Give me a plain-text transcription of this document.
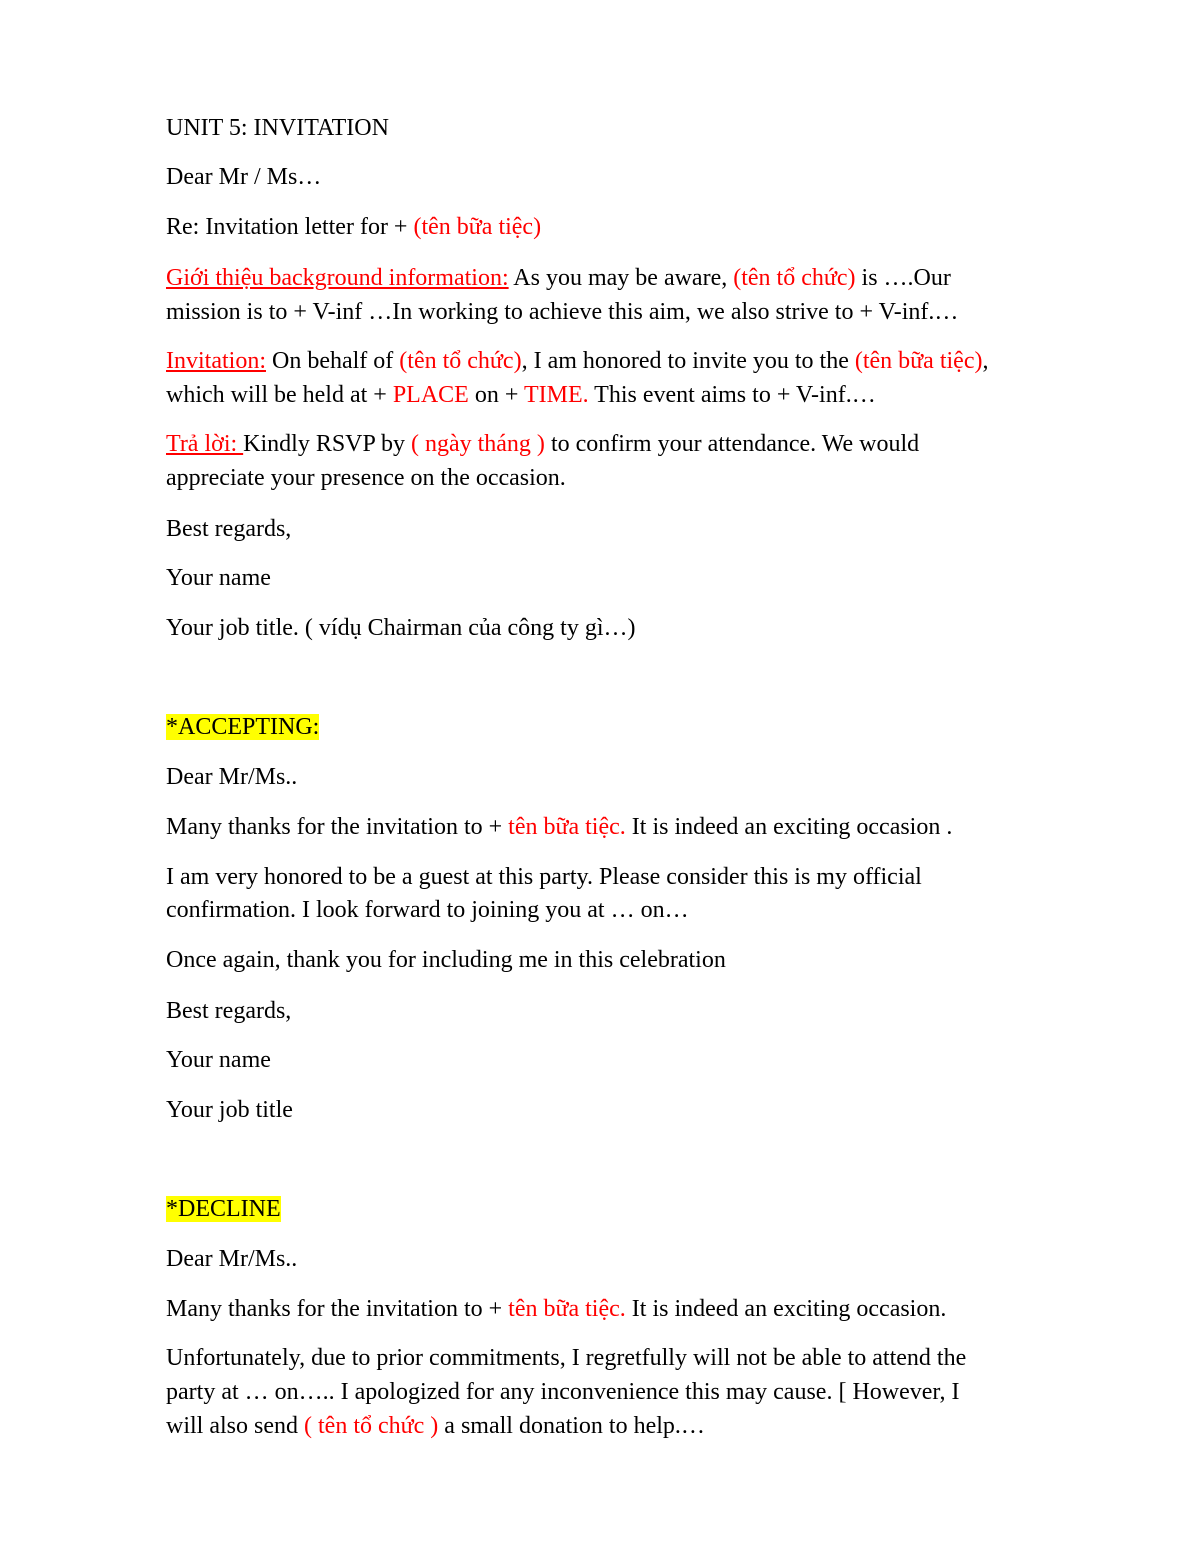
UNIT 5: INVITATION
Dear Mr / Ms…
Re: Invitation letter for + (tên bữa tiệc)
Giới thiệu background information: As you may be aware, (tên tổ chức) is ….Our
mission is to + V-inf …In working to achieve this aim, we also strive to + V-inf.…
Invitation: On behalf of (tên tổ chức), I am honored to invite you to the (tên bữa tiệc),
which will be held at + PLACE on + TIME. This event aims to + V-inf.…
Trả lời: Kindly RSVP by ( ngày tháng ) to confirm your attendance. We would
appreciate your presence on the occasion.
Best regards,
Your name
Your job title. ( vídụ Chairman của công ty gì…)
*ACCEPTING:
Dear Mr/Ms..
Many thanks for the invitation to + tên bữa tiệc. It is indeed an exciting occasion .
I am very honored to be a guest at this party. Please consider this is my official
confirmation. I look forward to joining you at … on…
Once again, thank you for including me in this celebration
Best regards,
Your name
Your job title
*DECLINE
Dear Mr/Ms..
Many thanks for the invitation to + tên bữa tiệc. It is indeed an exciting occasion.
Unfortunately, due to prior commitments, I regretfully will not be able to attend the
party at … on….. I apologized for any inconvenience this may cause. [ However, I
will also send ( tên tổ chức ) a small donation to help.…
